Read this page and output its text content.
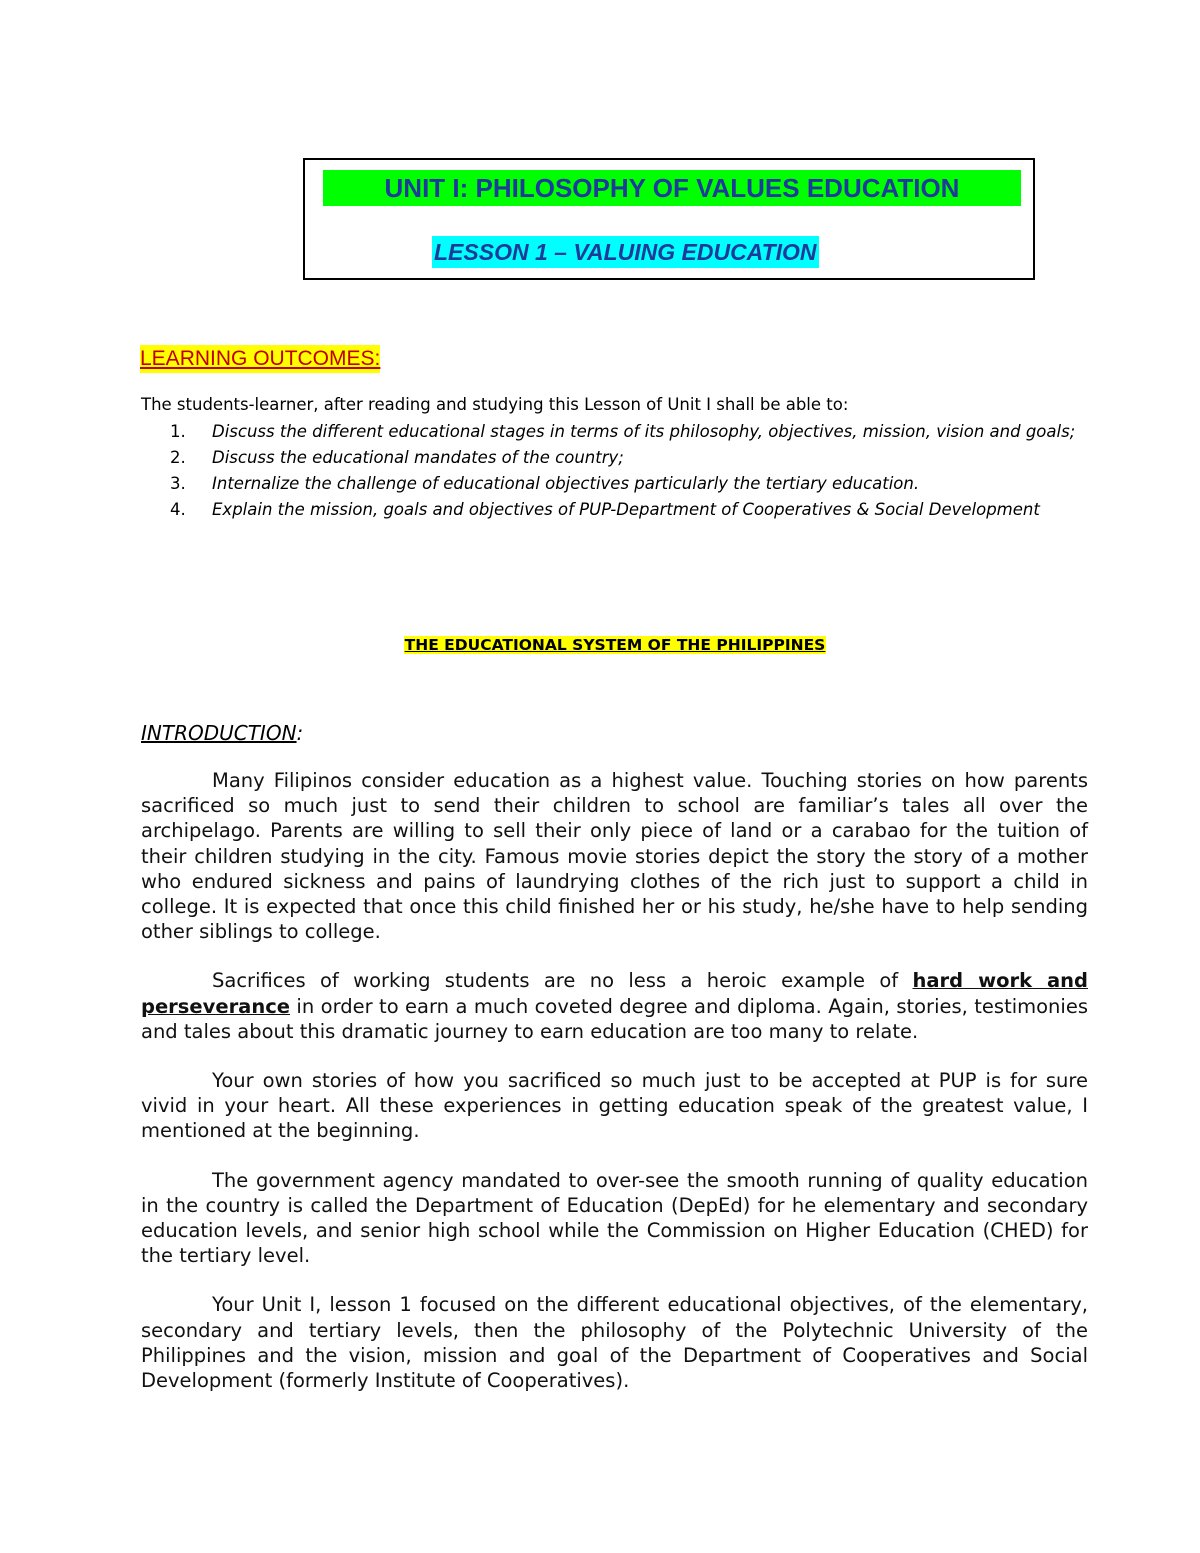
UNIT I: PHILOSOPHY OF VALUES EDUCATION
LESSON 1 – VALUING EDUCATION
LEARNING OUTCOMES:
The students-learner, after reading and studying this Lesson of Unit I shall be able to:
1. Discuss the different educational stages in terms of its philosophy, objectives, mission, vision and goals;
2. Discuss the educational mandates of the country;
3. Internalize the challenge of educational objectives particularly the tertiary education.
4. Explain the mission, goals and objectives of PUP-Department of Cooperatives & Social Development
THE EDUCATIONAL SYSTEM OF THE PHILIPPINES
INTRODUCTION:

Many Filipinos consider education as a highest value. Touching stories on how parents sacrificed so much just to send their children to school are familiar’s tales all over the archipelago. Parents are willing to sell their only piece of land or a carabao for the tuition of their children studying in the city. Famous movie stories depict the story the story of a mother who endured sickness and pains of laundrying clothes of the rich just to support a child in college. It is expected that once this child finished her or his study, he/she have to help sending other siblings to college.

Sacrifices of working students are no less a heroic example of hard work and perseverance in order to earn a much coveted degree and diploma. Again, stories, testimonies and tales about this dramatic journey to earn education are too many to relate.

Your own stories of how you sacrificed so much just to be accepted at PUP is for sure vivid in your heart. All these experiences in getting education speak of the greatest value, I mentioned at the beginning.

The government agency mandated to over-see the smooth running of quality education in the country is called the Department of Education (DepEd) for he elementary and secondary education levels, and senior high school while the Commission on Higher Education (CHED) for the tertiary level.

Your Unit I, lesson 1 focused on the different educational objectives, of the elementary, secondary and tertiary levels, then the philosophy of the Polytechnic University of the Philippines and the vision, mission and goal of the Department of Cooperatives and Social Development (formerly Institute of Cooperatives).
